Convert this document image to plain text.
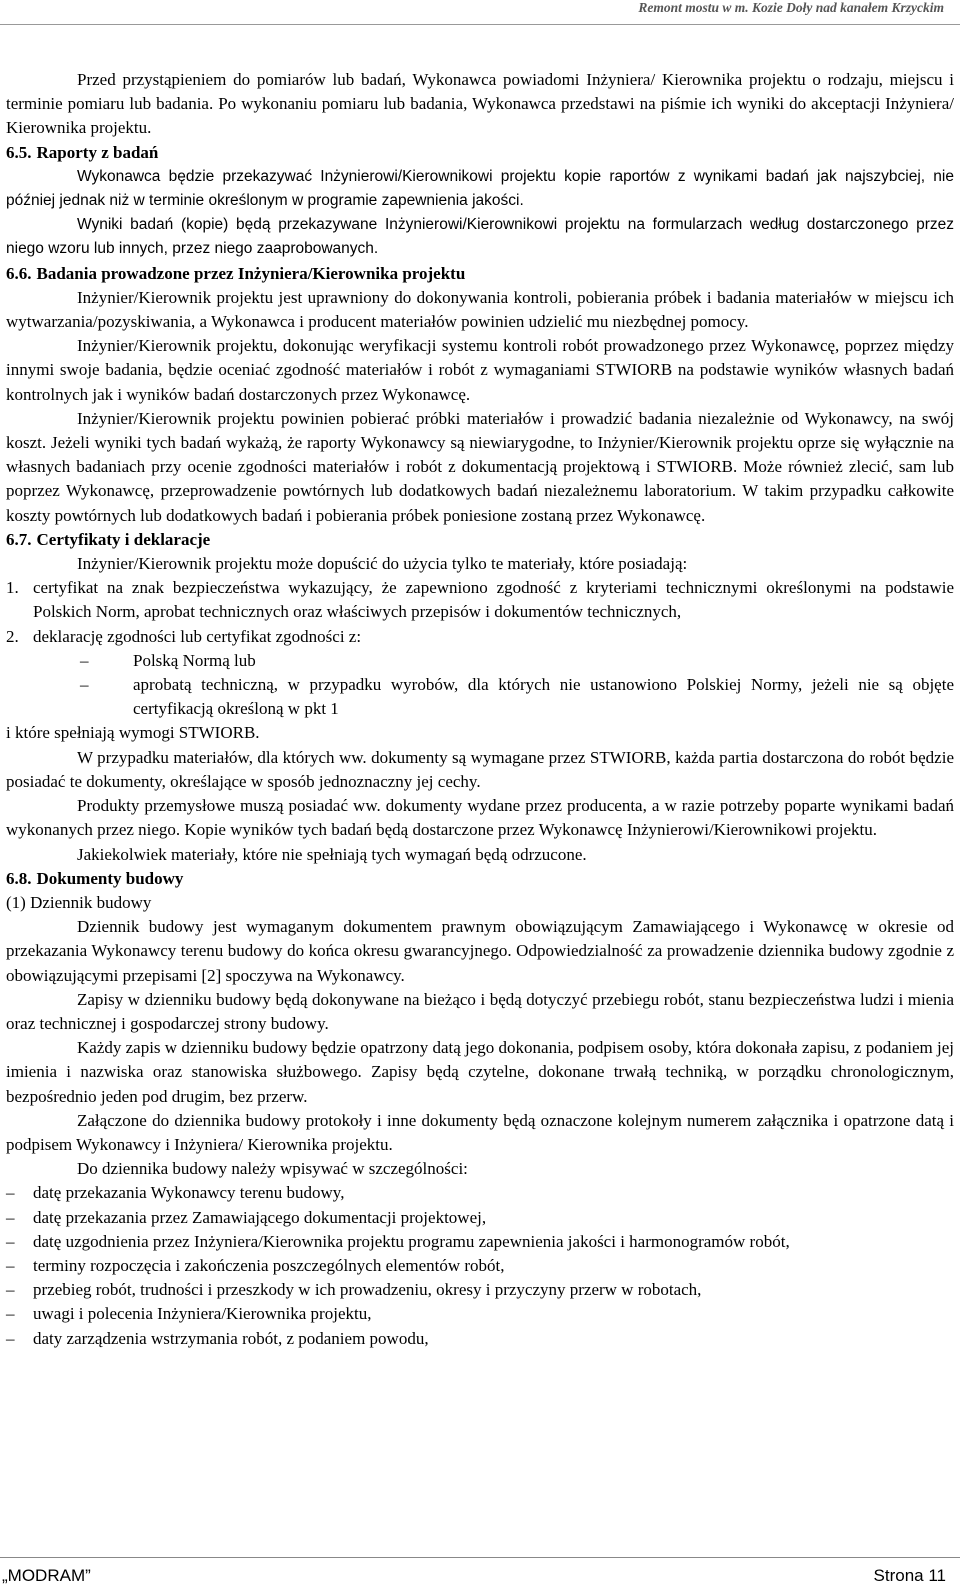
Remont mostu w m. Kozie Doły nad kanałem Krzyckim

Przed przystąpieniem do pomiarów lub badań, Wykonawca powiadomi Inżyniera/ Kierownika projektu o rodzaju, miejscu i terminie pomiaru lub badania. Po wykonaniu pomiaru lub badania, Wykonawca przedstawi na piśmie ich wyniki do akceptacji Inżyniera/ Kierownika projektu.

6.5. Raporty z badań

Wykonawca będzie przekazywać Inżynierowi/Kierownikowi projektu kopie raportów z wynikami badań jak najszybciej, nie później jednak niż w terminie określonym w programie zapewnienia jakości.

Wyniki badań (kopie) będą przekazywane Inżynierowi/Kierownikowi projektu na formularzach według dostarczonego przez niego wzoru lub innych, przez niego zaaprobowanych.

6.6. Badania prowadzone przez Inżyniera/Kierownika projektu

Inżynier/Kierownik projektu jest uprawniony do dokonywania kontroli, pobierania próbek i badania materiałów w miejscu ich wytwarzania/pozyskiwania, a Wykonawca i producent materiałów powinien udzielić mu niezbędnej pomocy.

Inżynier/Kierownik projektu, dokonując weryfikacji systemu kontroli robót prowadzonego przez Wykonawcę, poprzez między innymi swoje badania, będzie oceniać zgodność materiałów i robót z wymaganiami STWIORB na podstawie wyników własnych badań kontrolnych jak i wyników badań dostarczonych przez Wykonawcę.

Inżynier/Kierownik projektu powinien pobierać próbki materiałów i prowadzić badania niezależnie od Wykonawcy, na swój koszt. Jeżeli wyniki tych badań wykażą, że raporty Wykonawcy są niewiarygodne, to Inżynier/Kierownik projektu oprze się wyłącznie na własnych badaniach przy ocenie zgodności materiałów i robót z dokumentacją projektową i STWIORB. Może również zlecić, sam lub poprzez Wykonawcę, przeprowadzenie powtórnych lub dodatkowych badań niezależnemu laboratorium. W takim przypadku całkowite koszty powtórnych lub dodatkowych badań i pobierania próbek poniesione zostaną przez Wykonawcę.

6.7. Certyfikaty i deklaracje

Inżynier/Kierownik projektu może dopuścić do użycia tylko te materiały, które posiadają:

1. certyfikat na znak bezpieczeństwa wykazujący, że zapewniono zgodność z kryteriami technicznymi określonymi na podstawie Polskich Norm, aprobat technicznych oraz właściwych przepisów i dokumentów technicznych,
2. deklarację zgodności lub certyfikat zgodności z:
–	Polską Normą lub
–	aprobatą techniczną, w przypadku wyrobów, dla których nie ustanowiono Polskiej Normy, jeżeli nie są objęte certyfikacją określoną w pkt 1

i które spełniają wymogi STWIORB.

W przypadku materiałów, dla których ww. dokumenty są wymagane przez STWIORB, każda partia dostarczona do robót będzie posiadać te dokumenty, określające w sposób jednoznaczny jej cechy.

Produkty przemysłowe muszą posiadać ww. dokumenty wydane przez producenta, a w razie potrzeby poparte wynikami badań wykonanych przez niego. Kopie wyników tych badań będą dostarczone przez Wykonawcę Inżynierowi/Kierownikowi projektu.

Jakiekolwiek materiały, które nie spełniają tych wymagań będą odrzucone.

6.8. Dokumenty budowy

(1) Dziennik budowy

Dziennik budowy jest wymaganym dokumentem prawnym obowiązującym Zamawiającego i Wykonawcę w okresie od przekazania Wykonawcy terenu budowy do końca okresu gwarancyjnego. Odpowiedzialność za prowadzenie dziennika budowy zgodnie z obowiązującymi przepisami [2] spoczywa na Wykonawcy.

Zapisy w dzienniku budowy będą dokonywane na bieżąco i będą dotyczyć przebiegu robót, stanu bezpieczeństwa ludzi i mienia oraz technicznej i gospodarczej strony budowy.

Każdy zapis w dzienniku budowy będzie opatrzony datą jego dokonania, podpisem osoby, która dokonała zapisu, z podaniem jej imienia i nazwiska oraz stanowiska służbowego. Zapisy będą czytelne, dokonane trwałą techniką, w porządku chronologicznym, bezpośrednio jeden pod drugim, bez przerw.

Załączone do dziennika budowy protokoły i inne dokumenty będą oznaczone kolejnym numerem załącznika i opatrzone datą i podpisem Wykonawcy i Inżyniera/ Kierownika projektu.

Do dziennika budowy należy wpisywać w szczególności:

– datę przekazania Wykonawcy terenu budowy,
– datę przekazania przez Zamawiającego dokumentacji projektowej,
– datę uzgodnienia przez Inżyniera/Kierownika projektu programu zapewnienia jakości i harmonogramów robót,
– terminy rozpoczęcia i zakończenia poszczególnych elementów robót,
– przebieg robót, trudności i przeszkody w ich prowadzeniu, okresy i przyczyny przerw w robotach,
– uwagi i polecenia Inżyniera/Kierownika projektu,
– daty zarządzenia wstrzymania robót, z podaniem powodu,
„MODRAM”	Strona 11
